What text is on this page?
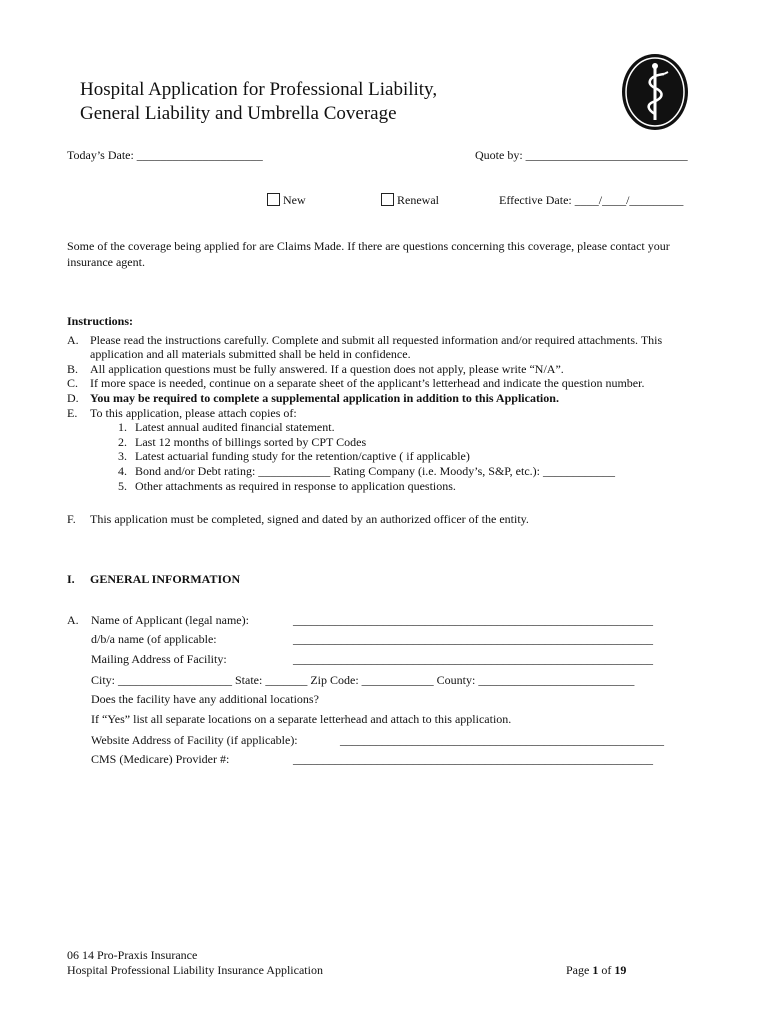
Hospital Application for Professional Liability,
General Liability and Umbrella Coverage
Today’s Date: _____________________	Quote by: ___________________________
New	Renewal	Effective Date: ____/____/_________
Some of the coverage being applied for are Claims Made. If there are questions concerning this coverage, please contact your insurance agent.
Instructions:
A. Please read the instructions carefully. Complete and submit all requested information and/or required attachments. This
application and all materials submitted shall be held in confidence.
B. All application questions must be fully answered. If a question does not apply, please write “N/A”.
C. If more space is needed, continue on a separate sheet of the applicant’s letterhead and indicate the question number.
D. You may be required to complete a supplemental application in addition to this Application.
E. To this application, please attach copies of:
1. Latest annual audited financial statement.
2. Last 12 months of billings sorted by CPT Codes
3. Latest actuarial funding study for the retention/captive ( if applicable)
4. Bond and/or Debt rating: ____________ Rating Company (i.e. Moody’s, S&P, etc.): ____________
5. Other attachments as required in response to application questions.
F. This application must be completed, signed and dated by an authorized officer of the entity.
I. GENERAL INFORMATION
A. Name of Applicant (legal name):	____________________________________________________________
d/b/a name (of applicable:	____________________________________________________________
Mailing Address of Facility:	____________________________________________________________
City: ___________________ State: _______ Zip Code: ____________ County: __________________________
Does the facility have any additional locations?
If “Yes” list all separate locations on a separate letterhead and attach to this application.
Website Address of Facility (if applicable):	______________________________________________________
CMS (Medicare) Provider #:	____________________________________________________________
06 14 Pro-Praxis Insurance
Hospital Professional Liability Insurance Application	Page 1 of 19
